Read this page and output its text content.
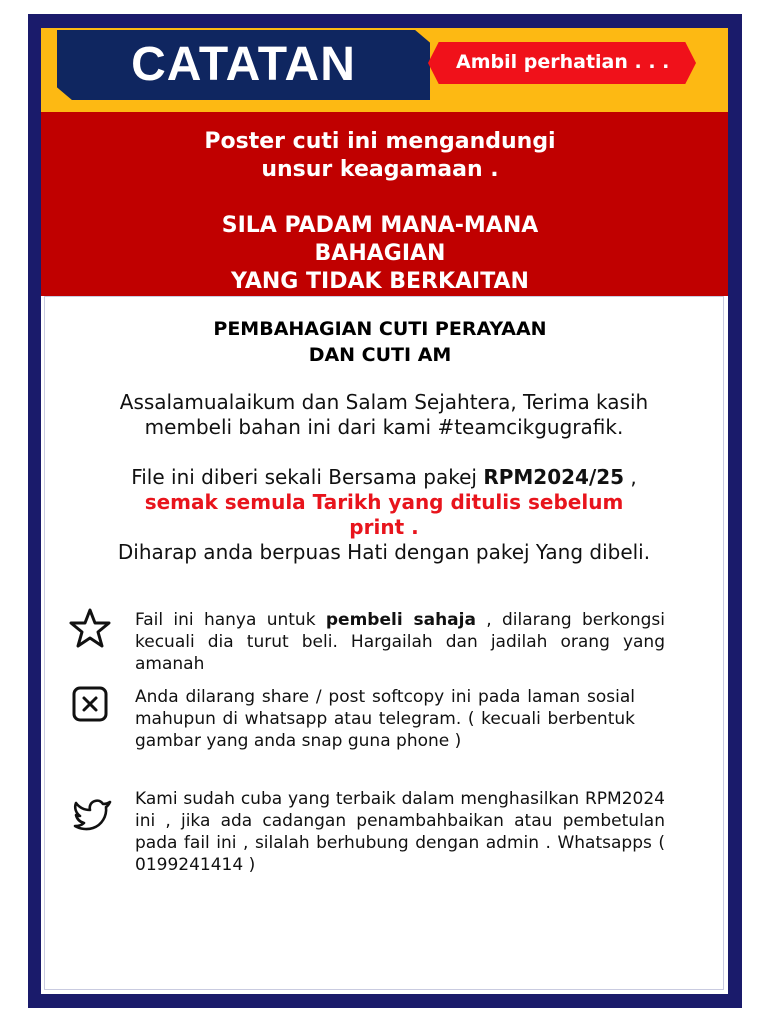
CATATAN	Ambil perhatian . . .

Poster cuti ini mengandungi

unsur keagamaan .

SILA PADAM MANA-MANA

BAHAGIAN

YANG TIDAK BERKAITAN

PEMBAHAGIAN CUTI PERAYAAN

DAN CUTI AM

Assalamualaikum dan Salam Sejahtera, Terima kasih

membeli bahan ini dari kami #teamcikgugrafik.

File ini diberi sekali Bersama pakej RPM2024/25 ,

semak semula Tarikh yang ditulis sebelum

print .

Diharap anda berpuas Hati dengan pakej Yang dibeli.

Fail ini hanya untuk pembeli sahaja , dilarang berkongsi kecuali dia turut beli. Hargailah dan jadilah orang yang amanah
Anda dilarang share / post softcopy ini pada laman sosial mahupun di whatsapp atau telegram. ( kecuali berbentuk gambar yang anda snap guna phone )
Kami sudah cuba yang terbaik dalam menghasilkan RPM2024 ini , jika ada cadangan penambahbaikan atau pembetulan pada fail ini , silalah berhubung dengan admin . Whatsapps ( 0199241414 )
